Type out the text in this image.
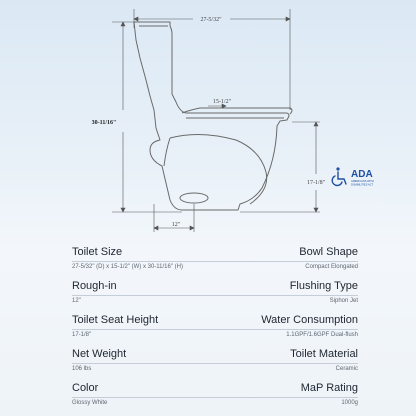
27-5/32"
30-11/16"
15-1/2"
17-1/8"
12"
ADA
AMERICANS WITH
DISABILITIES ACT
Toilet Size	Bowl Shape
27-5/32" (D) x 15-1/2" (W) x 30-11/16" (H)	Compact Elongated
Rough-in	Flushing Type
12"	Siphon Jet
Toilet Seat Height	Water Consumption
17-1/8"	1.1GPF/1.6GPF Dual-flush
Net Weight	Toilet Material
106 lbs	Ceramic
Color	MaP Rating
Glossy White	1000g
